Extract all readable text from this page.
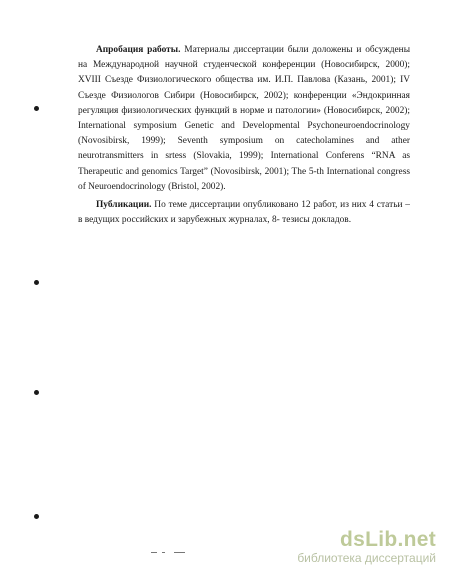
Апробация работы. Материалы диссертации были доложены и обсуждены на Международной научной студенческой конференции (Новосибирск, 2000); XVIII Съезде Физиологического общества им. И.П. Павлова (Казань, 2001); IV Съезде Физиологов Сибири (Новосибирск, 2002); конференции «Эндокринная регуляция физиологических функций в норме и патологии» (Новосибирск, 2002); International symposium Genetic and Developmental Psychoneuroendocrinology (Novosibirsk, 1999); Seventh symposium on catecholamines and ather neurotransmitters in srtess (Slovakia, 1999); International Conferens “RNA as Therapeutic and genomics Target” (Novosibirsk, 2001); The 5-th International congress of Neuroendocrinology (Bristol, 2002).

Публикации. По теме диссертации опубликовано 12 работ, из них 4 статьи – в ведущих российских и зарубежных журналах, 8- тезисы докладов.

dsLib.net
библиотека диссертаций
